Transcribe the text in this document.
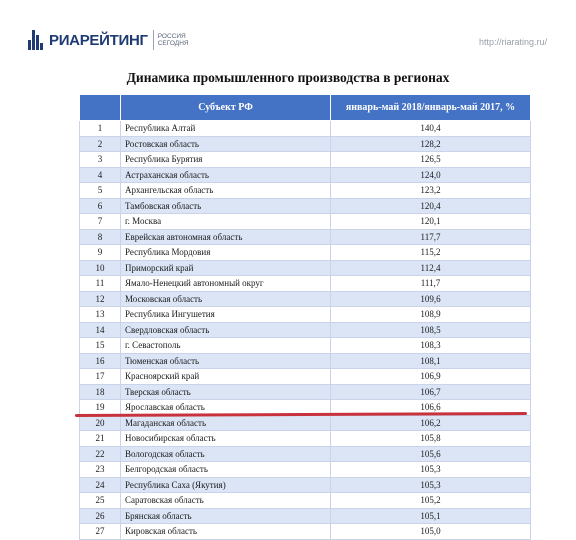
РИАРЕЙТИНГ РОССИЯ СЕГОДНЯ	http://riarating.ru/
Динамика промышленного производства в регионах
	Субъект РФ	январь-май 2018/январь-май 2017, %
1	Республика Алтай	140,4
2	Ростовская область	128,2
3	Республика Бурятия	126,5
4	Астраханская область	124,0
5	Архангельская область	123,2
6	Тамбовская область	120,4
7	г. Москва	120,1
8	Еврейская автономная область	117,7
9	Республика Мордовия	115,2
10	Приморский край	112,4
11	Ямало-Ненецкий автономный округ	111,7
12	Московская область	109,6
13	Республика Ингушетия	108,9
14	Свердловская область	108,5
15	г. Севастополь	108,3
16	Тюменская область	108,1
17	Красноярский край	106,9
18	Тверская область	106,7
19	Ярославская область	106,6
20	Магаданская область	106,2
21	Новосибирская область	105,8
22	Вологодская область	105,6
23	Белгородская область	105,3
24	Республика Саха (Якутия)	105,3
25	Саратовская область	105,2
26	Брянская область	105,1
27	Кировская область	105,0
